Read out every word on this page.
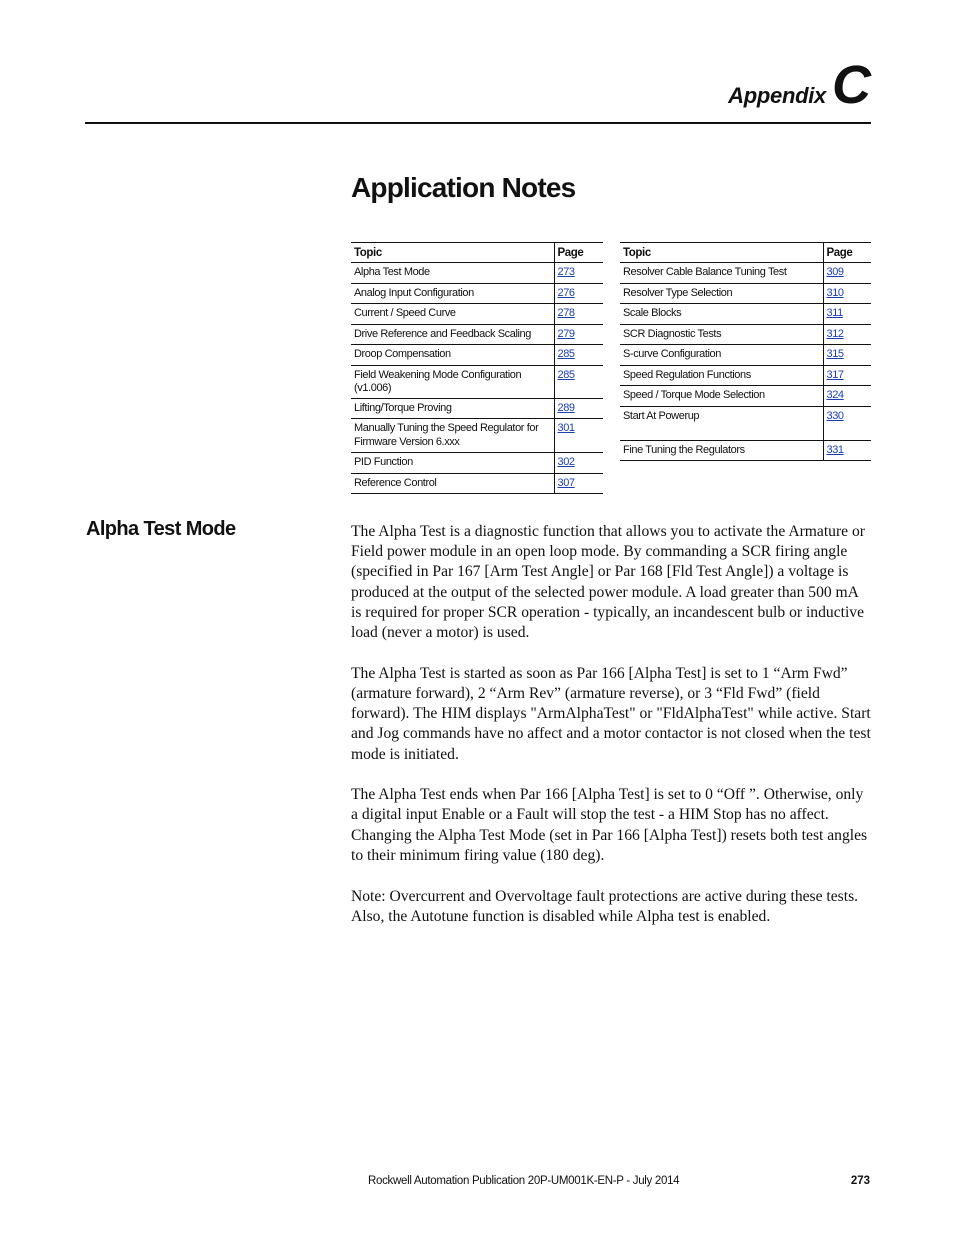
Appendix C
Application Notes
Topic	Page
Alpha Test Mode	273
Analog Input Configuration	276
Current / Speed Curve	278
Drive Reference and Feedback Scaling	279
Droop Compensation	285
Field Weakening Mode Configuration (v1.006)	285
Lifting/Torque Proving	289
Manually Tuning the Speed Regulator for Firmware Version 6.xxx	301
PID Function	302
Reference Control	307
Topic	Page
Resolver Cable Balance Tuning Test	309
Resolver Type Selection	310
Scale Blocks	311
SCR Diagnostic Tests	312
S-curve Configuration	315
Speed Regulation Functions	317
Speed / Torque Mode Selection	324
Start At Powerup	330
Fine Tuning the Regulators	331
Alpha Test Mode	The Alpha Test is a diagnostic function that allows you to activate the Armature or Field power module in an open loop mode. By commanding a SCR firing angle (specified in Par 167 [Arm Test Angle] or Par 168 [Fld Test Angle]) a voltage is produced at the output of the selected power module. A load greater than 500 mA is required for proper SCR operation - typically, an incandescent bulb or inductive load (never a motor) is used.

The Alpha Test is started as soon as Par 166 [Alpha Test] is set to 1 “Arm Fwd” (armature forward), 2 “Arm Rev” (armature reverse), or 3 “Fld Fwd” (field forward). The HIM displays "ArmAlphaTest" or "FldAlphaTest" while active. Start and Jog commands have no affect and a motor contactor is not closed when the test mode is initiated.

The Alpha Test ends when Par 166 [Alpha Test] is set to 0 “Off ”. Otherwise, only a digital input Enable or a Fault will stop the test - a HIM Stop has no affect. Changing the Alpha Test Mode (set in Par 166 [Alpha Test]) resets both test angles to their minimum firing value (180 deg).

Note: Overcurrent and Overvoltage fault protections are active during these tests. Also, the Autotune function is disabled while Alpha test is enabled.

Rockwell Automation Publication 20P-UM001K-EN-P - July 2014	273
